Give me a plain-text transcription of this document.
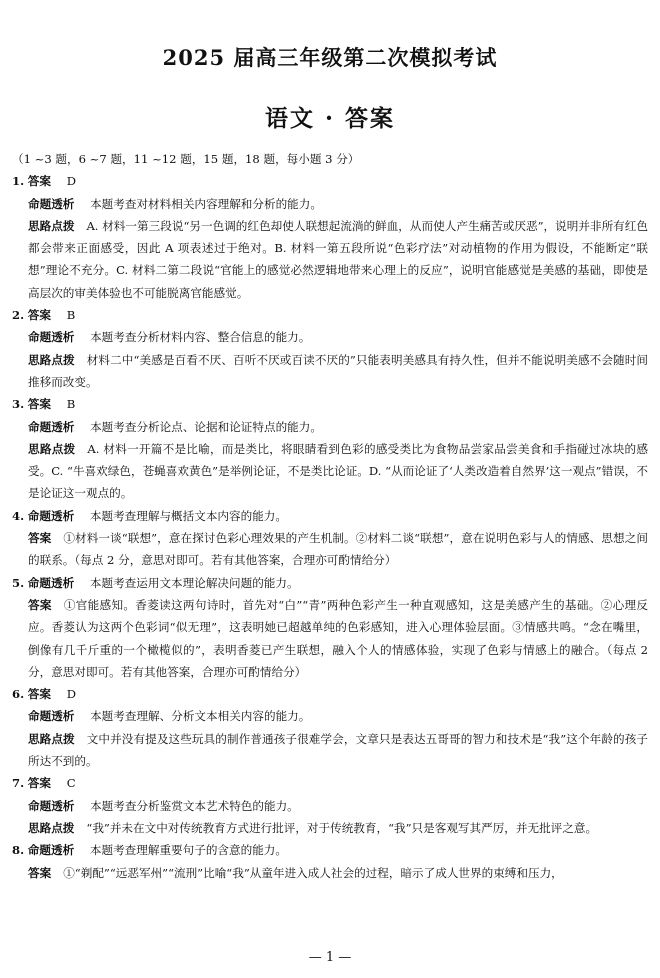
2025 届高三年级第二次模拟考试
语文 · 答案
（1 ~3 题，6 ~7 题，11 ~12 题，15 题，18 题，每小题 3 分）
1. 答案 D
命题透析 本题考查对材料相关内容理解和分析的能力。
思路点拨 A. 材料一第三段说“另一色调的红色却使人联想起流淌的鲜血，从而使人产生痛苦或厌恶”，说明并非所有红色都会带来正面感受，因此 A 项表述过于绝对。B. 材料一第五段所说“色彩疗法”对动植物的作用为假设，不能断定“联想”理论不充分。C. 材料二第二段说“官能上的感觉必然逻辑地带来心理上的反应”，说明官能感觉是美感的基础，即使是高层次的审美体验也不可能脱离官能感觉。
2. 答案 B
命题透析 本题考查分析材料内容、整合信息的能力。
思路点拨 材料二中“美感是百看不厌、百听不厌或百读不厌的”只能表明美感具有持久性，但并不能说明美感不会随时间推移而改变。
3. 答案 B
命题透析 本题考查分析论点、论据和论证特点的能力。
思路点拨 A. 材料一开篇不是比喻，而是类比，将眼睛看到色彩的感受类比为食物品尝家品尝美食和手指碰过冰块的感受。C. “牛喜欢绿色，苍蝇喜欢黄色”是举例论证，不是类比论证。D. “从而论证了‘人类改造着自然界’这一观点”错误，不是论证这一观点的。
4. 命题透析 本题考查理解与概括文本内容的能力。
答案 ①材料一谈“联想”，意在探讨色彩心理效果的产生机制。②材料二谈“联想”，意在说明色彩与人的情感、思想之间的联系。（每点 2 分，意思对即可。若有其他答案，合理亦可酌情给分）
5. 命题透析 本题考查运用文本理论解决问题的能力。
答案 ①官能感知。香菱读这两句诗时，首先对“白”“青”两种色彩产生一种直观感知，这是美感产生的基础。②心理反应。香菱认为这两个色彩词“似无理”，这表明她已超越单纯的色彩感知，进入心理体验层面。③情感共鸣。“念在嘴里，倒像有几千斤重的一个橄榄似的”，表明香菱已产生联想，融入个人的情感体验，实现了色彩与情感上的融合。（每点 2 分，意思对即可。若有其他答案，合理亦可酌情给分）
6. 答案 D
命题透析 本题考查理解、分析文本相关内容的能力。
思路点拨 文中并没有提及这些玩具的制作普通孩子很难学会，文章只是表达五哥哥的智力和技术是“我”这个年龄的孩子所达不到的。
7. 答案 C
命题透析 本题考查分析鉴赏文本艺术特色的能力。
思路点拨 “我”并未在文中对传统教育方式进行批评，对于传统教育，“我”只是客观写其严厉，并无批评之意。
8. 命题透析 本题考查理解重要句子的含意的能力。
答案 ①“剃配”“远恶军州”“流刑”比喻“我”从童年进入成人社会的过程，暗示了成人世界的束缚和压力，
— 1 —
